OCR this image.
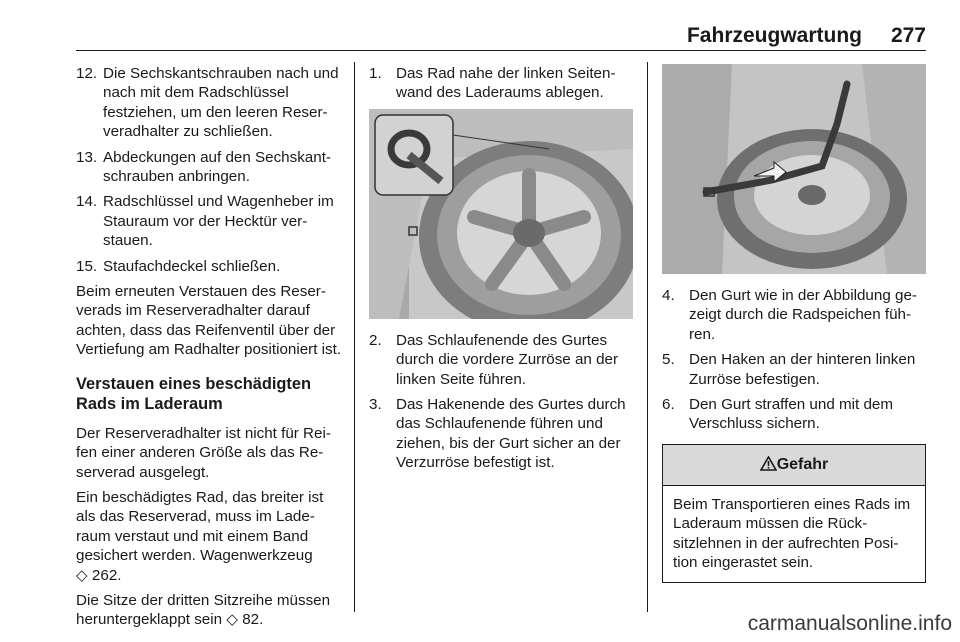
Fahrzeugwartung 277
12. Die Sechskantschrauben nach und nach mit dem Radschlüssel festziehen, um den leeren Reserveradhalter zu schließen.
13. Abdeckungen auf den Sechskantschrauben anbringen.
14. Radschlüssel und Wagenheber im Stauraum vor der Hecktür verstauen.
15. Staufachdeckel schließen.

Beim erneuten Verstauen des Reserverads im Reserveradhalter darauf achten, dass das Reifenventil über der Vertiefung am Radhalter positioniert ist.

Verstauen eines beschädigten Rads im Laderaum

Der Reserveradhalter ist nicht für Reifen einer anderen Größe als das Reserverad ausgelegt.

Ein beschädigtes Rad, das breiter ist als das Reserverad, muss im Laderaum verstaut und mit einem Band gesichert werden. Wagenwerkzeug
◇ 262.

Die Sitze der dritten Sitzreihe müssen heruntergeklappt sein ◇ 82.

1. Das Rad nahe der linken Seitenwand des Laderaums ablegen.
2. Das Schlaufenende des Gurtes durch die vordere Zurröse an der linken Seite führen.
3. Das Hakenende des Gurtes durch das Schlaufenende führen und ziehen, bis der Gurt sicher an der Verzurröse befestigt ist.
4. Den Gurt wie in der Abbildung gezeigt durch die Radspeichen führen.
5. Den Haken an der hinteren linken Zurröse befestigen.
6. Den Gurt straffen und mit dem Verschluss sichern.
Gefahr
Beim Transportieren eines Rads im Laderaum müssen die Rücksitzlehnen in der aufrechten Position eingerastet sein.
carmanualsonline.info
